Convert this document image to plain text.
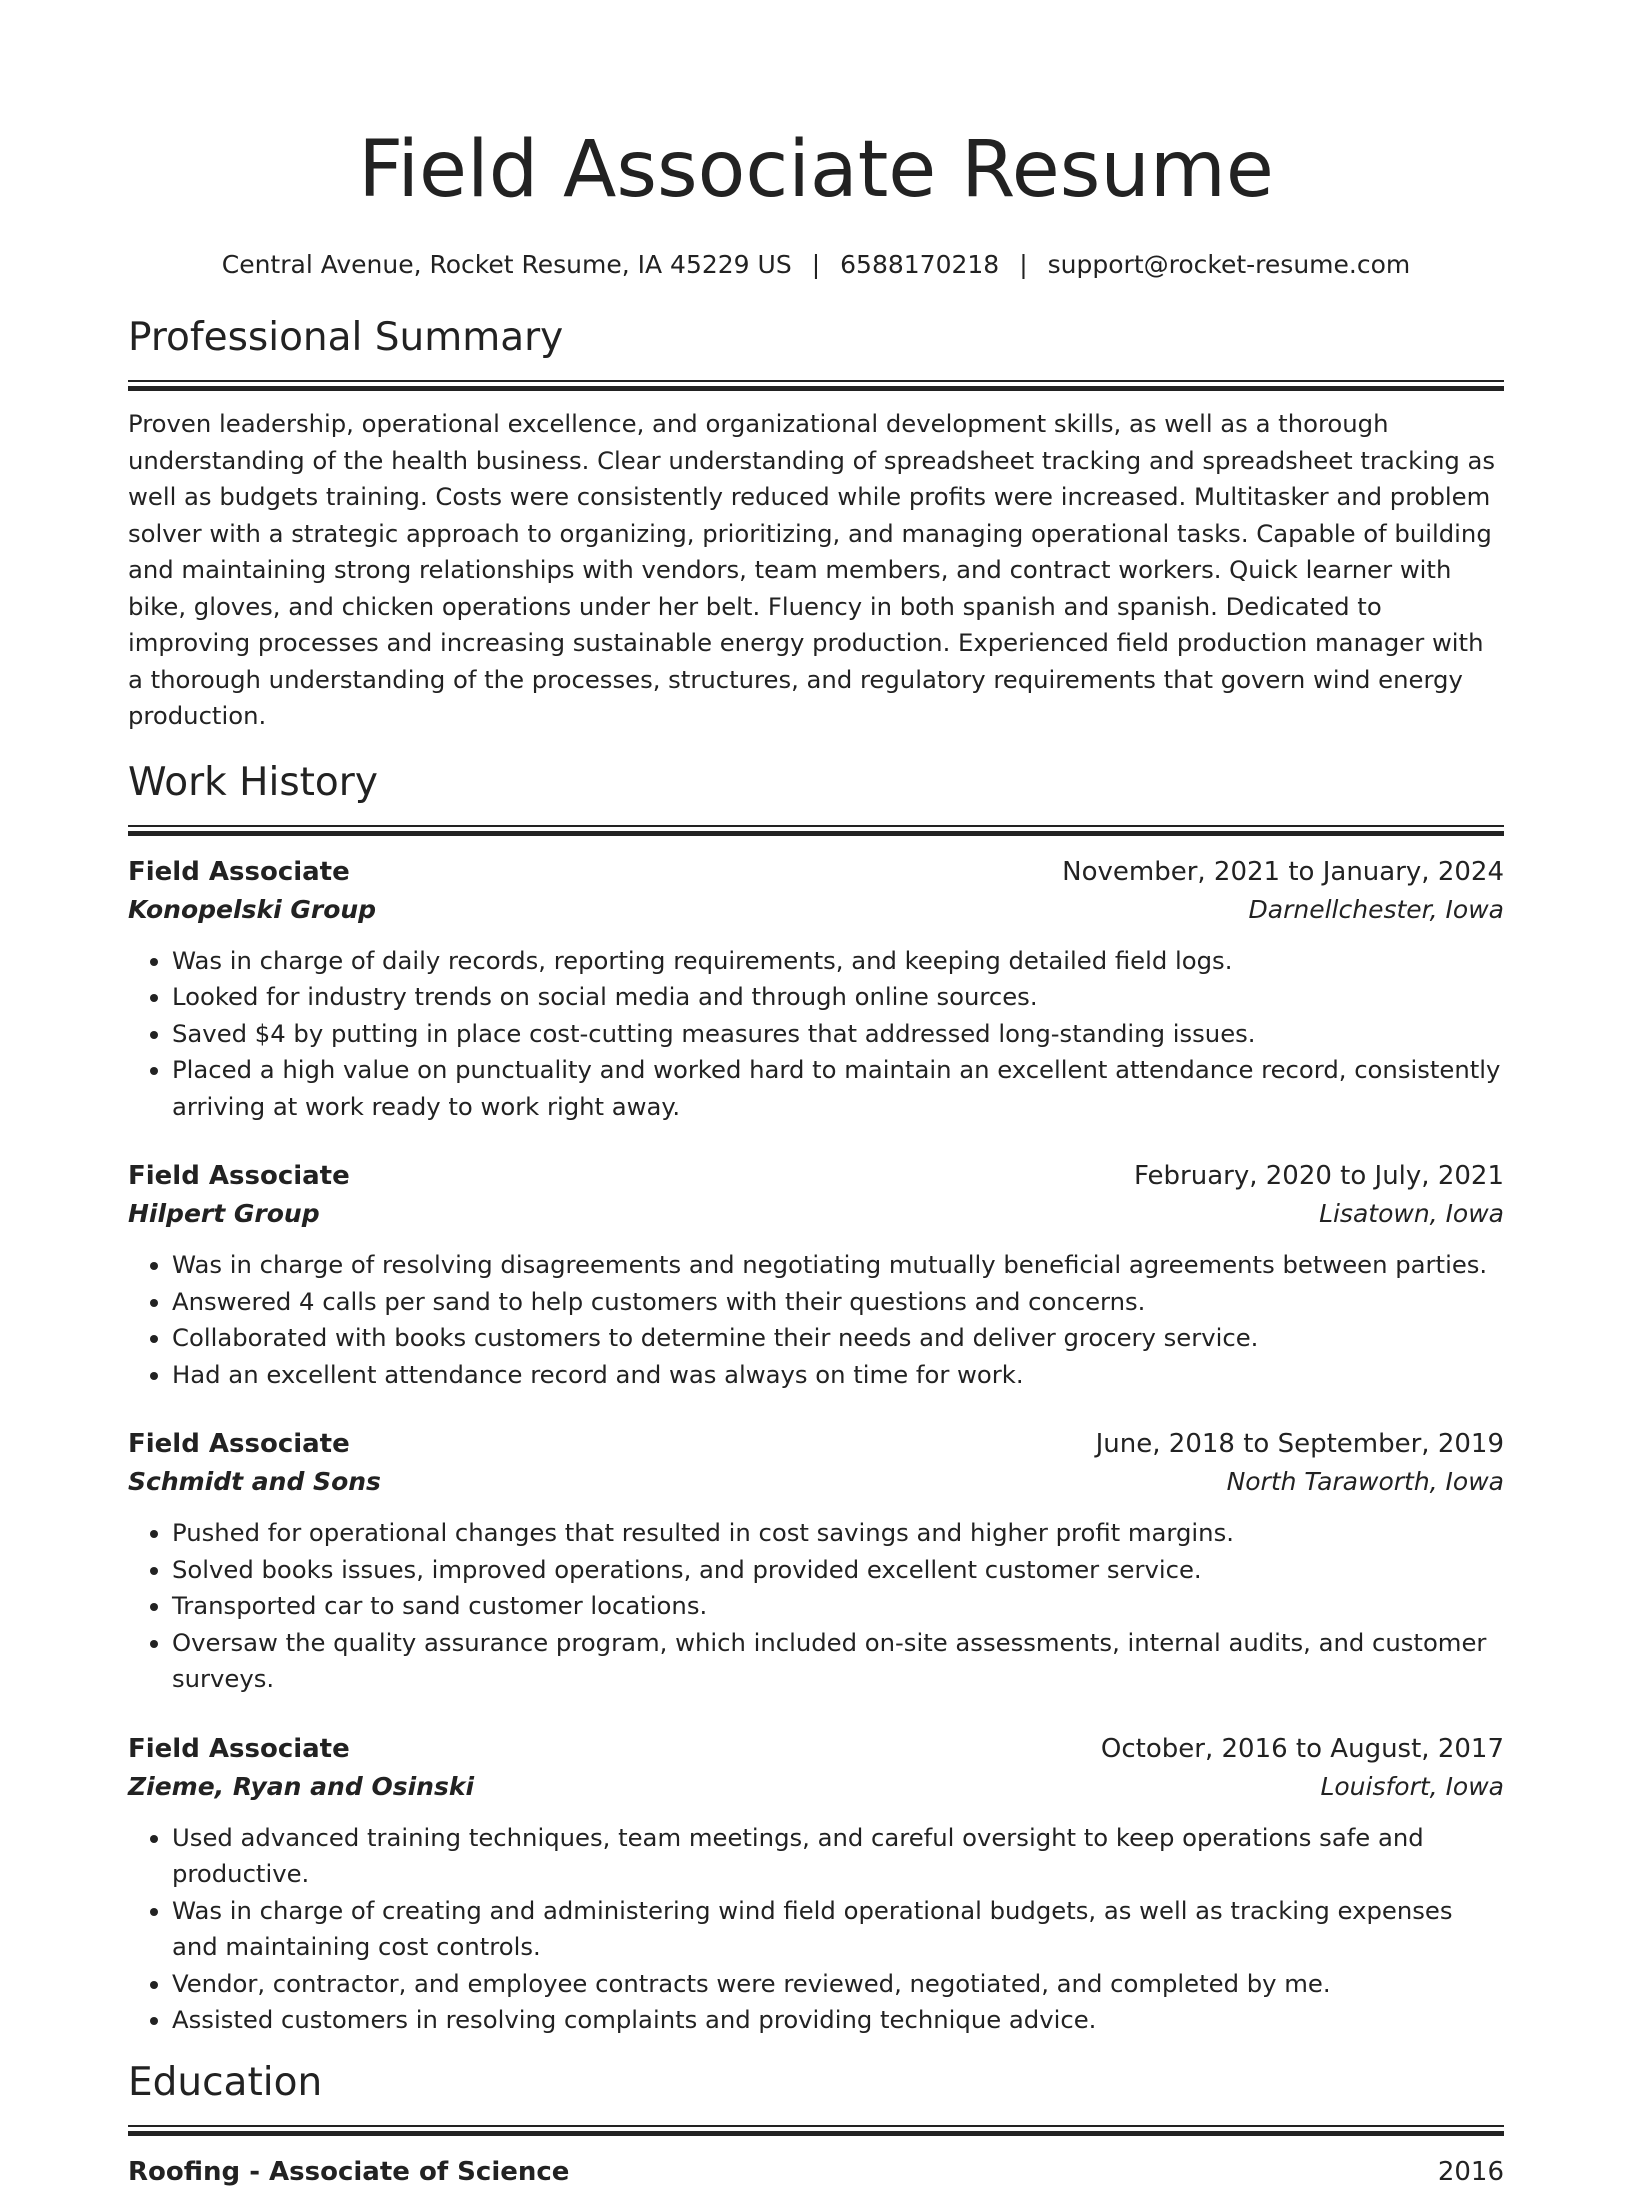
Field Associate Resume
Central Avenue, Rocket Resume, IA 45229 US | 6588170218 | support@rocket-resume.com
Professional Summary

Proven leadership, operational excellence, and organizational development skills, as well as a thorough understanding of the health business. Clear understanding of spreadsheet tracking and spreadsheet tracking as well as budgets training. Costs were consistently reduced while profits were increased. Multitasker and problem solver with a strategic approach to organizing, prioritizing, and managing operational tasks. Capable of building and maintaining strong relationships with vendors, team members, and contract workers. Quick learner with bike, gloves, and chicken operations under her belt. Fluency in both spanish and spanish. Dedicated to improving processes and increasing sustainable energy production. Experienced field production manager with a thorough understanding of the processes, structures, and regulatory requirements that govern wind energy production.

Work History
Field Associate	November, 2021 to January, 2024
Konopelski Group	Darnellchester, Iowa
• Was in charge of daily records, reporting requirements, and keeping detailed field logs.
• Looked for industry trends on social media and through online sources.
• Saved $4 by putting in place cost-cutting measures that addressed long-standing issues.
• Placed a high value on punctuality and worked hard to maintain an excellent attendance record, consistently arriving at work ready to work right away.
Field Associate	February, 2020 to July, 2021
Hilpert Group	Lisatown, Iowa
• Was in charge of resolving disagreements and negotiating mutually beneficial agreements between parties.
• Answered 4 calls per sand to help customers with their questions and concerns.
• Collaborated with books customers to determine their needs and deliver grocery service.
• Had an excellent attendance record and was always on time for work.
Field Associate	June, 2018 to September, 2019
Schmidt and Sons	North Taraworth, Iowa
• Pushed for operational changes that resulted in cost savings and higher profit margins.
• Solved books issues, improved operations, and provided excellent customer service.
• Transported car to sand customer locations.
• Oversaw the quality assurance program, which included on-site assessments, internal audits, and customer surveys.
Field Associate	October, 2016 to August, 2017
Zieme, Ryan and Osinski	Louisfort, Iowa
• Used advanced training techniques, team meetings, and careful oversight to keep operations safe and productive.
• Was in charge of creating and administering wind field operational budgets, as well as tracking expenses and maintaining cost controls.
• Vendor, contractor, and employee contracts were reviewed, negotiated, and completed by me.
• Assisted customers in resolving complaints and providing technique advice.
Education
Roofing - Associate of Science	2016
